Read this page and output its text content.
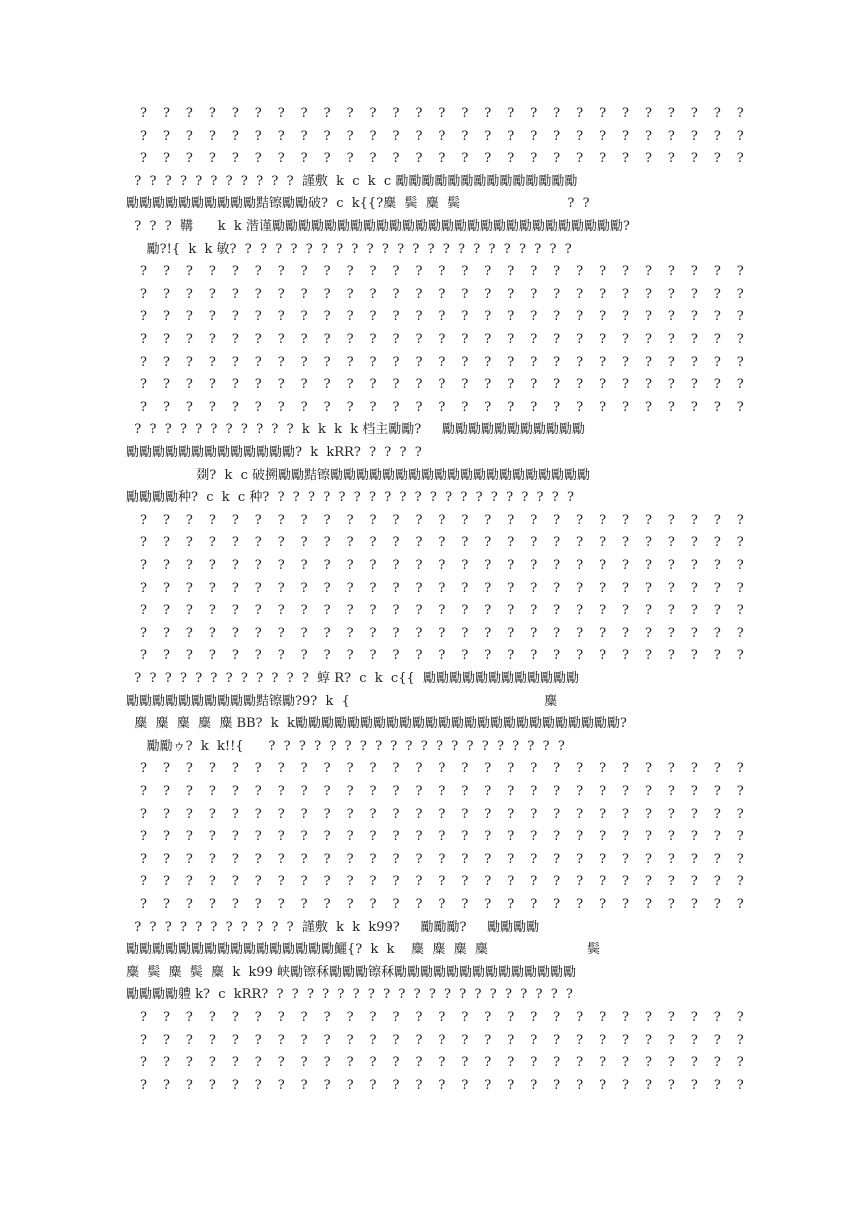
? ? ? ? ? ? ? ? ? ? ? ? ? ? ? ? ? ? ? ? ? ? ? ? ? ? ?
? ? ? ? ? ? ? ? ? ? ? ? ? ? ? ? ? ? ? ? ? ? ? ? ? ? ?
? ? ? ? ? ? ? ? ? ? ? ? ? ? ? ? ? ? ? ? ? ? ? ? ? ? ?
?  ?  ?  ?  ?  ?  ?  ?  ?  ?  ?  謹敷  k  c  k  c 勵勵勵勵勵勵勵勵勵勵勵勵勵勵
勵勵勵勵勵勵勵勵勵勵黠镲勵勵破?  c  k{{?麋  鬓  麋  鬓                          ?  ?
?  ?  ?  鞲      k  k 湝谨勵勵勵勵勵勵勵勵勵勵勵勵勵勵勵勵勵勵勵勵勵勵勵勵勵勵勵?
勵?!{  k  k 敏?  ?  ?  ?  ?  ?  ?  ?  ?  ?  ?  ?  ?  ?  ?  ?  ?  ?  ?  ?  ?  ?  ?
? ? ? ? ? ? ? ? ? ? ? ? ? ? ? ? ? ? ? ? ? ? ? ? ? ? ?
? ? ? ? ? ? ? ? ? ? ? ? ? ? ? ? ? ? ? ? ? ? ? ? ? ? ?
? ? ? ? ? ? ? ? ? ? ? ? ? ? ? ? ? ? ? ? ? ? ? ? ? ? ?
? ? ? ? ? ? ? ? ? ? ? ? ? ? ? ? ? ? ? ? ? ? ? ? ? ? ?
? ? ? ? ? ? ? ? ? ? ? ? ? ? ? ? ? ? ? ? ? ? ? ? ? ? ?
? ? ? ? ? ? ? ? ? ? ? ? ? ? ? ? ? ? ? ? ? ? ? ? ? ? ?
? ? ? ? ? ? ? ? ? ? ? ? ? ? ? ? ? ? ? ? ? ? ? ? ? ? ?
?  ?  ?  ?  ?  ?  ?  ?  ?  ?  ?  k  k  k  k 档主勵勵?     勵勵勵勵勵勵勵勵勵勵勵
勵勵勵勵勵勵勵勵勵勵勵勵勵?  k  kRR?  ?  ?  ?  ?
剟?  k  c 破搠勵勵黠镲勵勵勵勵勵勵勵勵勵勵勵勵勵勵勵勵勵勵勵勵
勵勵勵勵种?  c  k  c 种?  ?  ?  ?  ?  ?  ?  ?  ?  ?  ?  ?  ?  ?  ?  ?  ?  ?  ?  ?  ?
? ? ? ? ? ? ? ? ? ? ? ? ? ? ? ? ? ? ? ? ? ? ? ? ? ? ?
? ? ? ? ? ? ? ? ? ? ? ? ? ? ? ? ? ? ? ? ? ? ? ? ? ? ?
? ? ? ? ? ? ? ? ? ? ? ? ? ? ? ? ? ? ? ? ? ? ? ? ? ? ?
? ? ? ? ? ? ? ? ? ? ? ? ? ? ? ? ? ? ? ? ? ? ? ? ? ? ?
? ? ? ? ? ? ? ? ? ? ? ? ? ? ? ? ? ? ? ? ? ? ? ? ? ? ?
? ? ? ? ? ? ? ? ? ? ? ? ? ? ? ? ? ? ? ? ? ? ? ? ? ? ?
? ? ? ? ? ? ? ? ? ? ? ? ? ? ? ? ? ? ? ? ? ? ? ? ? ? ?
?  ?  ?  ?  ?  ?  ?  ?  ?  ?  ?  ?  蜳 R?  c  k  c{{  勵勵勵勵勵勵勵勵勵勵勵勵
勵勵勵勵勵勵勵勵勵勵黠镲勵?9?  k  {                                               麋
麋  麋  麋  麋  麋 BB?  k  k勵勵勵勵勵勵勵勵勵勵勵勵勵勵勵勵勵勵勵勵勵勵勵勵勵?
勵勵ゥ?  k  k!!{      ?  ?  ?  ?  ?  ?  ?  ?  ?  ?  ?  ?  ?  ?  ?  ?  ?  ?  ?  ?
? ? ? ? ? ? ? ? ? ? ? ? ? ? ? ? ? ? ? ? ? ? ? ? ? ? ?
? ? ? ? ? ? ? ? ? ? ? ? ? ? ? ? ? ? ? ? ? ? ? ? ? ? ?
? ? ? ? ? ? ? ? ? ? ? ? ? ? ? ? ? ? ? ? ? ? ? ? ? ? ?
? ? ? ? ? ? ? ? ? ? ? ? ? ? ? ? ? ? ? ? ? ? ? ? ? ? ?
? ? ? ? ? ? ? ? ? ? ? ? ? ? ? ? ? ? ? ? ? ? ? ? ? ? ?
? ? ? ? ? ? ? ? ? ? ? ? ? ? ? ? ? ? ? ? ? ? ? ? ? ? ?
? ? ? ? ? ? ? ? ? ? ? ? ? ? ? ? ? ? ? ? ? ? ? ? ? ? ?
?  ?  ?  ?  ?  ?  ?  ?  ?  ?  ?  謹敷  k  k  k99?     勵勵勵?     勵勵勵勵
勵勵勵勵勵勵勵勵勵勵勵勵勵勵勵勵鱺{?  k  k    麋  麋  麋  麋                        鬓
麋  鬓  麋  鬓  麋  k  k99 峡勵镲秝勵勵勵镲秝勵勵勵勵勵勵勵勵勵勵勵勵勵勵
勵勵勵勵軆 k?  c  kRR?  ?  ?  ?  ?  ?  ?  ?  ?  ?  ?  ?  ?  ?  ?  ?  ?  ?  ?  ?  ?
? ? ? ? ? ? ? ? ? ? ? ? ? ? ? ? ? ? ? ? ? ? ? ? ? ? ?
? ? ? ? ? ? ? ? ? ? ? ? ? ? ? ? ? ? ? ? ? ? ? ? ? ? ?
? ? ? ? ? ? ? ? ? ? ? ? ? ? ? ? ? ? ? ? ? ? ? ? ? ? ?
? ? ? ? ? ? ? ? ? ? ? ? ? ? ? ? ? ? ? ? ? ? ? ? ? ? ?
